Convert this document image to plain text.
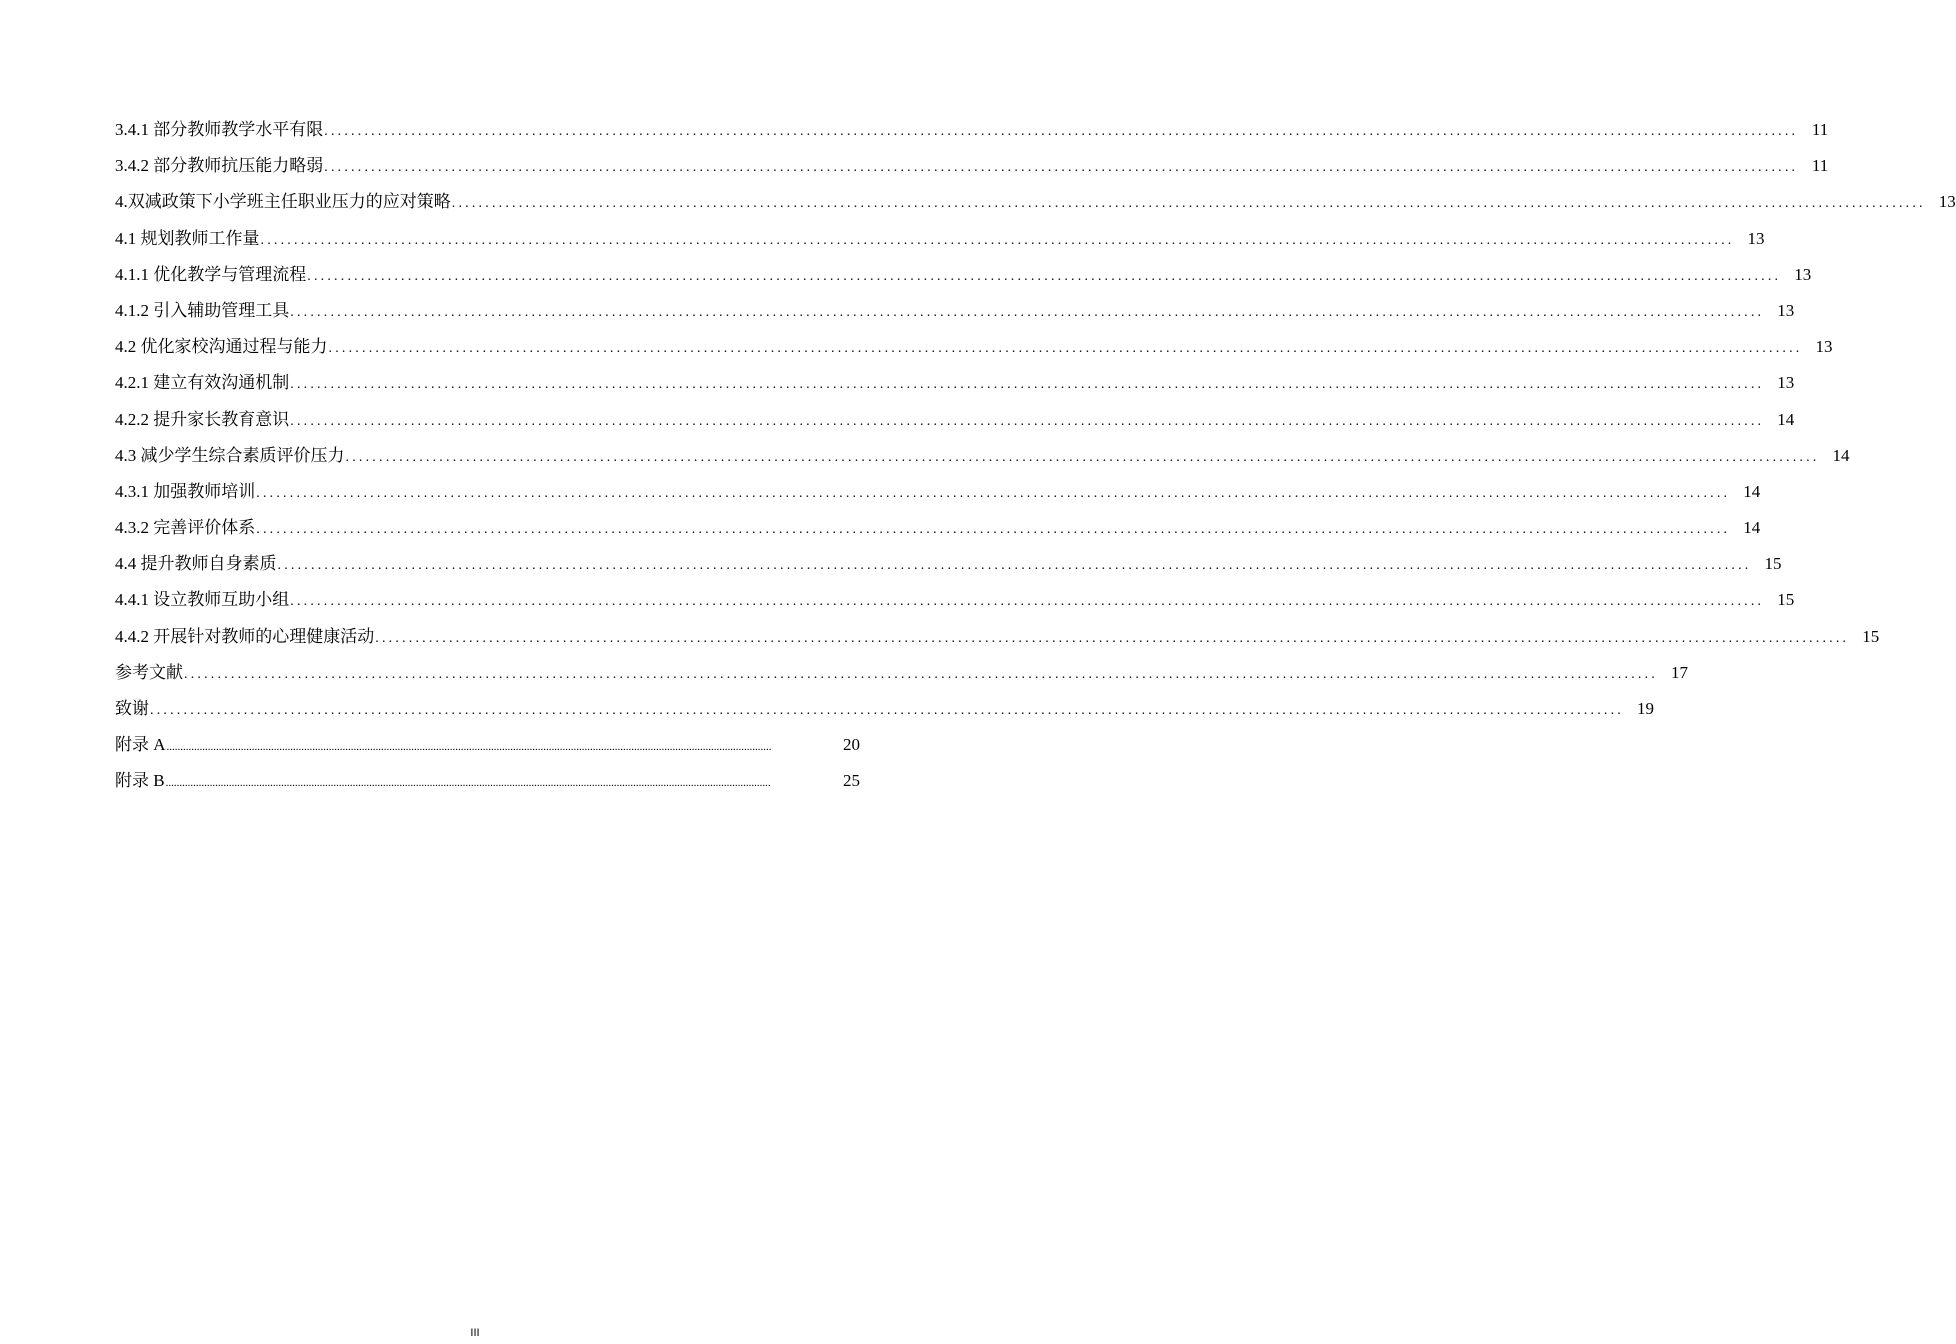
3.4.1 部分教师教学水平有限 ............................................................................................................................................................................................................................ 11
3.4.2 部分教师抗压能力略弱 ............................................................................................................................................................................................................................ 11
4.双减政策下小学班主任职业压力的应对策略 ............................................................................................................................................................................................................................ 13
4.1 规划教师工作量 ............................................................................................................................................................................................................................ 13
4.1.1 优化教学与管理流程 ............................................................................................................................................................................................................................ 13
4.1.2 引入辅助管理工具 ............................................................................................................................................................................................................................ 13
4.2 优化家校沟通过程与能力 ............................................................................................................................................................................................................................ 13
4.2.1 建立有效沟通机制 ............................................................................................................................................................................................................................ 13
4.2.2 提升家长教育意识 ............................................................................................................................................................................................................................ 14
4.3 减少学生综合素质评价压力 ............................................................................................................................................................................................................................ 14
4.3.1 加强教师培训 ............................................................................................................................................................................................................................ 14
4.3.2 完善评价体系 ............................................................................................................................................................................................................................ 14
4.4 提升教师自身素质 ............................................................................................................................................................................................................................ 15
4.4.1 设立教师互助小组 ............................................................................................................................................................................................................................ 15
4.4.2 开展针对教师的心理健康活动 ............................................................................................................................................................................................................................ 15
参考文献 ............................................................................................................................................................................................................................ 17
致谢 ............................................................................................................................................................................................................................ 19
附录 A ............................................................................................................................................................................................................................	20
附录 B ............................................................................................................................................................................................................................	25
III
